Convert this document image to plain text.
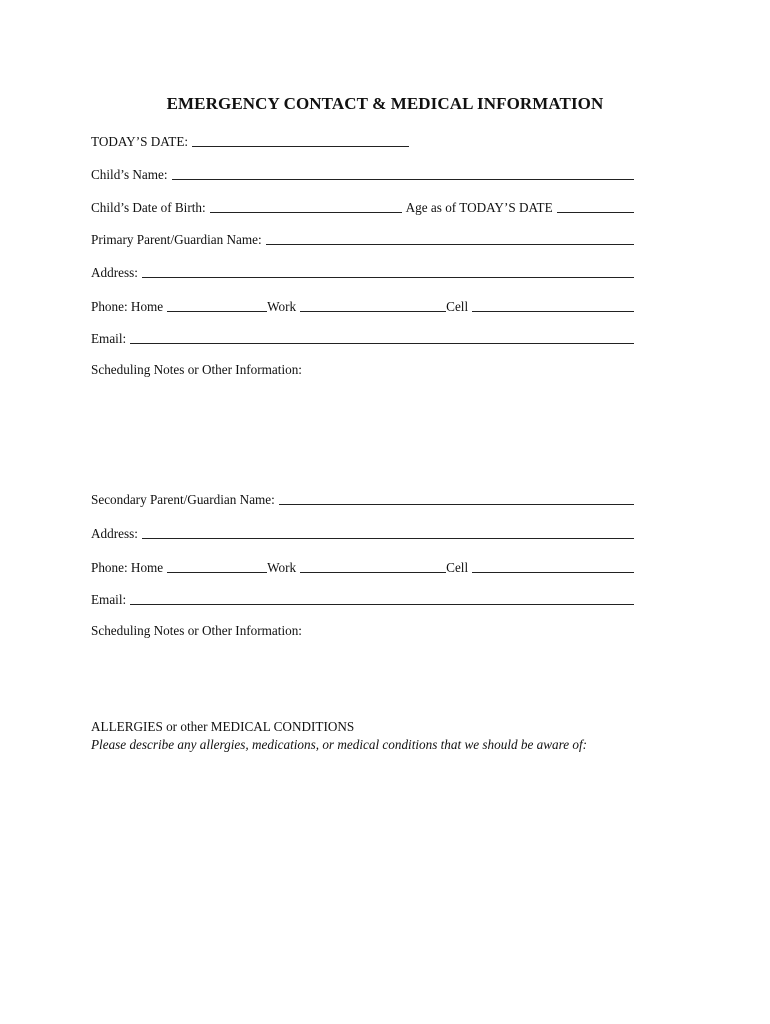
EMERGENCY CONTACT & MEDICAL INFORMATION
TODAY’S DATE:
Child’s Name:
Child’s Date of Birth:	Age as of TODAY’S DATE
Primary Parent/Guardian Name:
Address:
Phone: Home	Work	Cell
Email:
Scheduling Notes or Other Information:
Secondary Parent/Guardian Name:
Address:
Phone: Home	Work	Cell
Email:
Scheduling Notes or Other Information:
ALLERGIES or other MEDICAL CONDITIONS
Please describe any allergies, medications, or medical conditions that we should be aware of:
